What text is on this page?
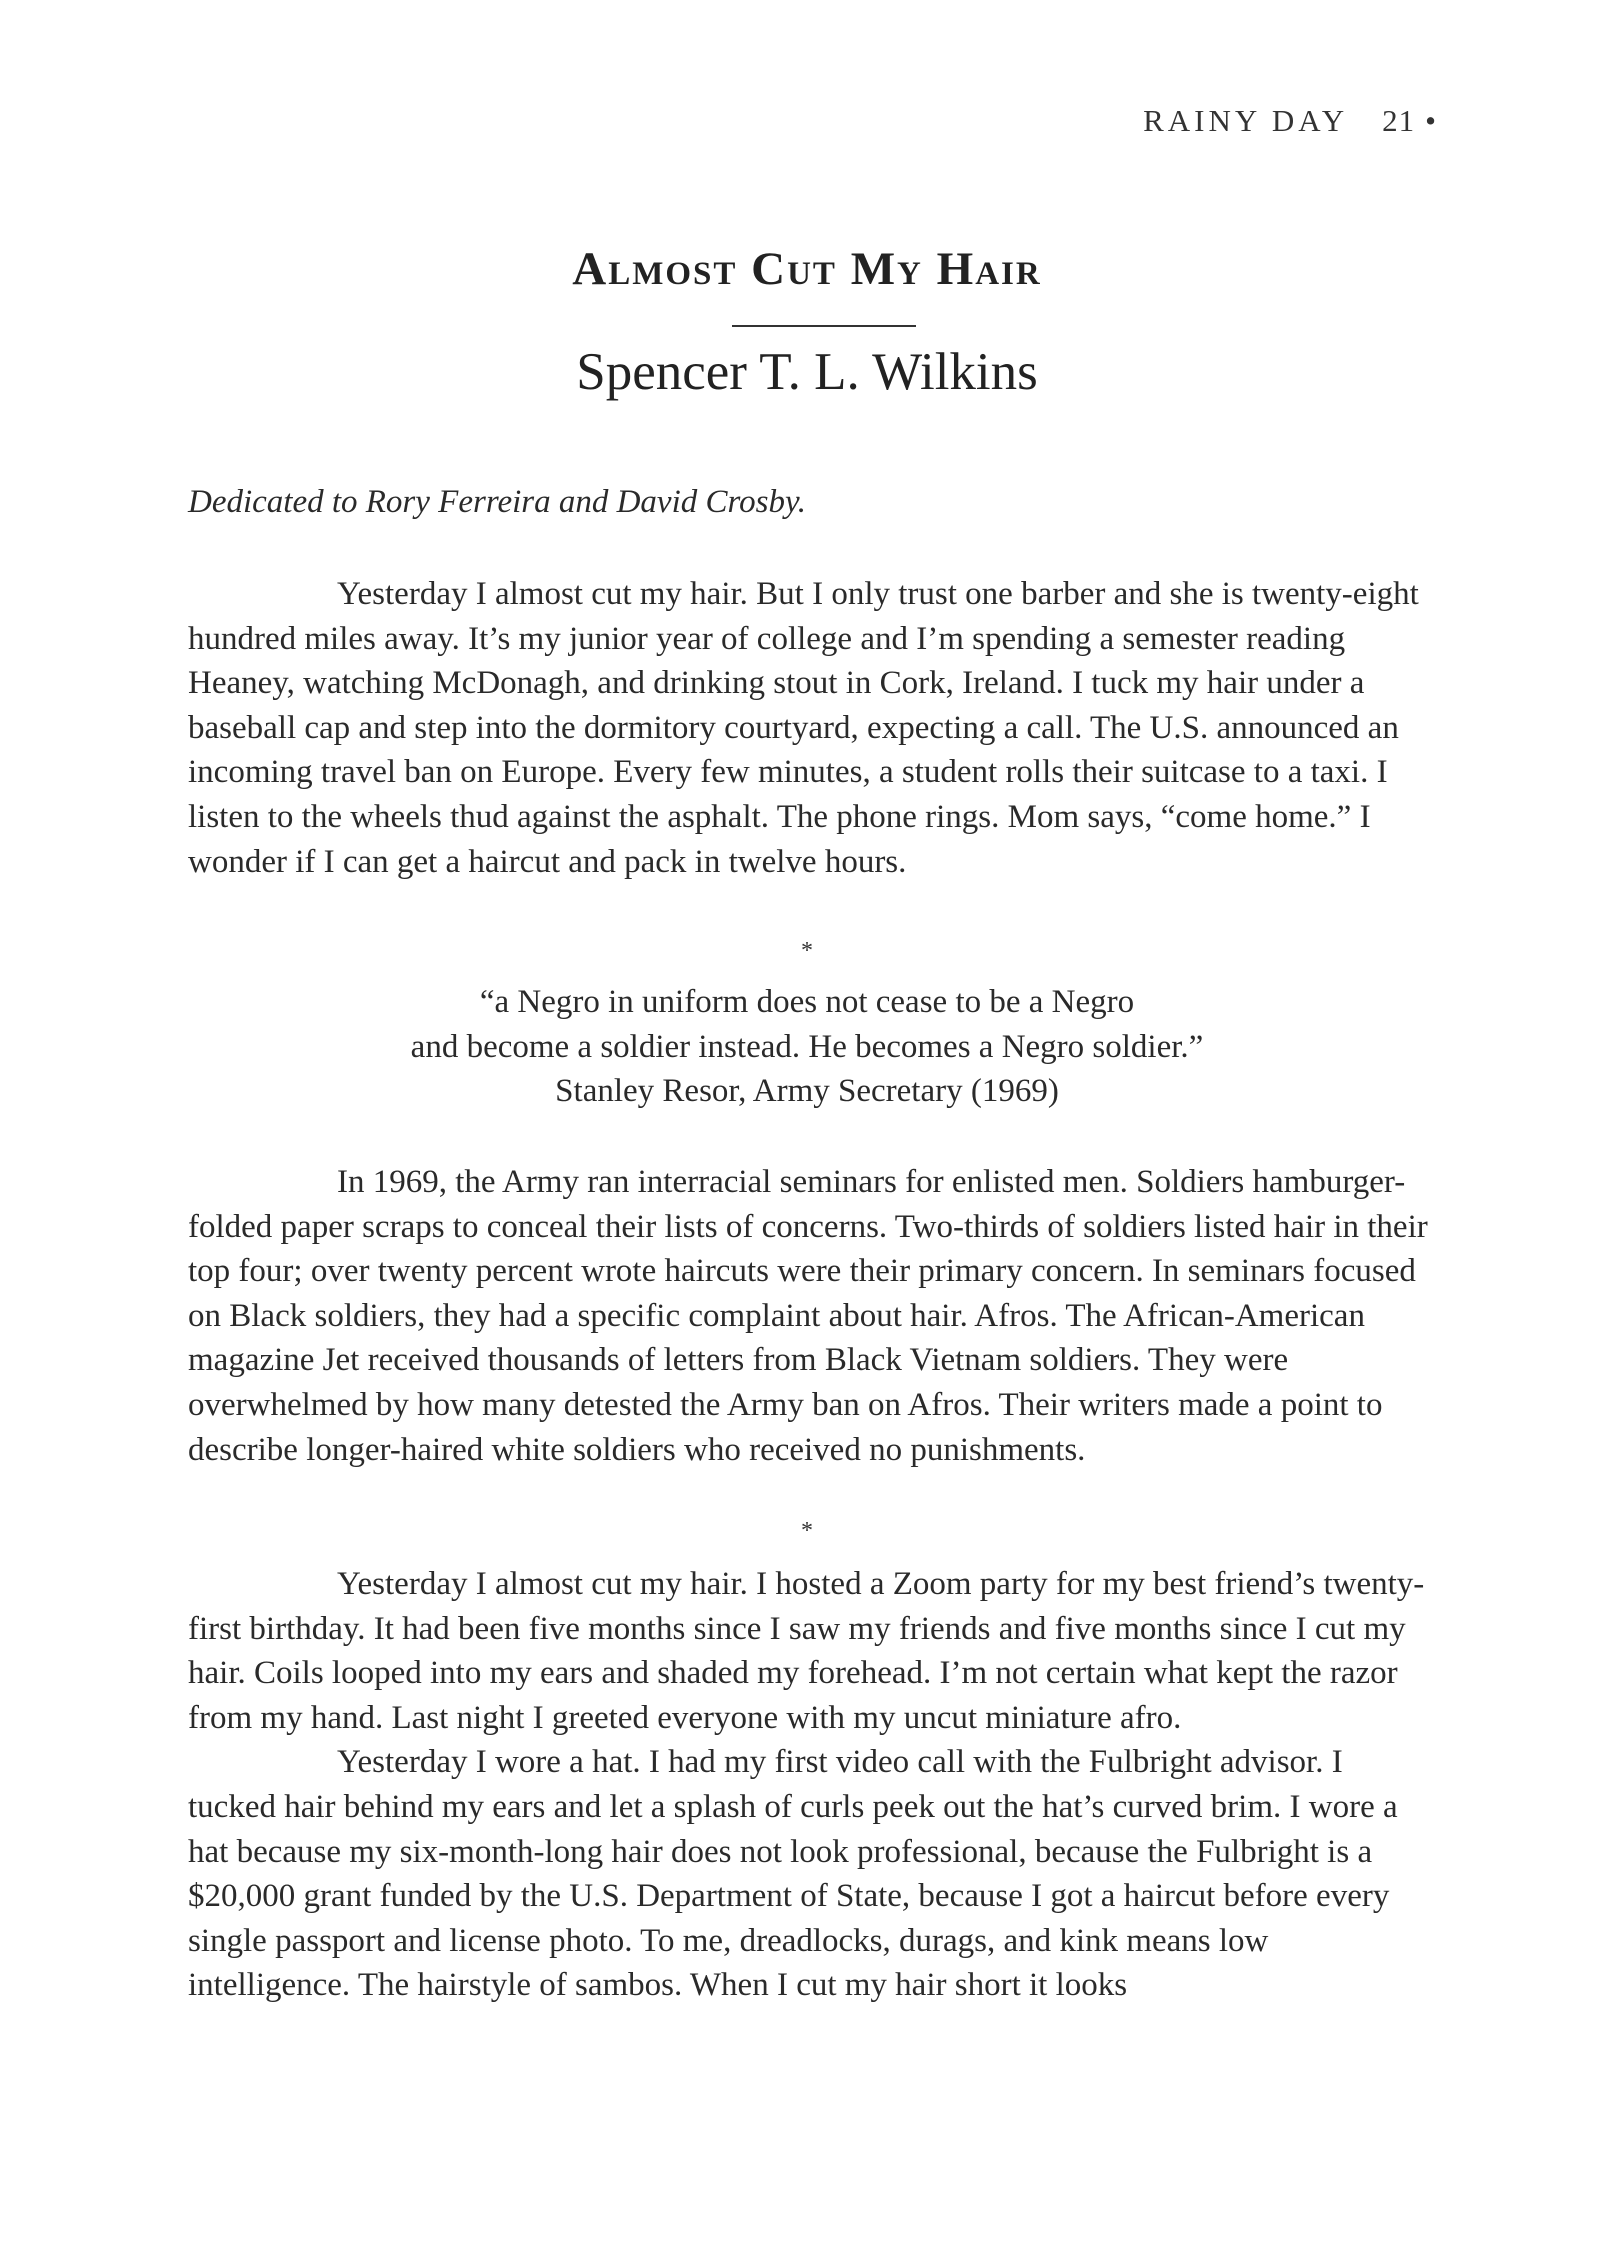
RAINY DAY 21 •
Almost Cut My Hair
Spencer T. L. Wilkins
Dedicated to Rory Ferreira and David Crosby.

Yesterday I almost cut my hair. But I only trust one barber and she is twenty-eight hundred miles away. It’s my junior year of college and I’m spending a semester reading Heaney, watching McDonagh, and drinking stout in Cork, Ireland. I tuck my hair under a baseball cap and step into the dormitory courtyard, expecting a call. The U.S. announced an incoming travel ban on Europe. Every few minutes, a student rolls their suitcase to a taxi. I listen to the wheels thud against the asphalt. The phone rings. Mom says, “come home.” I wonder if I can get a haircut and pack in twelve hours.

*
“a Negro in uniform does not cease to be a Negro
and become a soldier instead. He becomes a Negro soldier.”
Stanley Resor, Army Secretary (1969)

In 1969, the Army ran interracial seminars for enlisted men. Soldiers hamburger-folded paper scraps to conceal their lists of concerns. Two-thirds of soldiers listed hair in their top four; over twenty percent wrote haircuts were their primary concern. In seminars focused on Black soldiers, they had a specific complaint about hair. Afros. The African-American magazine Jet received thousands of letters from Black Vietnam soldiers. They were overwhelmed by how many detested the Army ban on Afros. Their writers made a point to describe longer-haired white soldiers who received no punishments.

*

Yesterday I almost cut my hair. I hosted a Zoom party for my best friend’s twenty-first birthday. It had been five months since I saw my friends and five months since I cut my hair. Coils looped into my ears and shaded my forehead. I’m not certain what kept the razor from my hand. Last night I greeted everyone with my uncut miniature afro.

Yesterday I wore a hat. I had my first video call with the Fulbright advisor. I tucked hair behind my ears and let a splash of curls peek out the hat’s curved brim. I wore a hat because my six-month-long hair does not look professional, because the Fulbright is a $20,000 grant funded by the U.S. Department of State, because I got a haircut before every single passport and license photo. To me, dreadlocks, durags, and kink means low intelligence. The hairstyle of sambos. When I cut my hair short it looks
